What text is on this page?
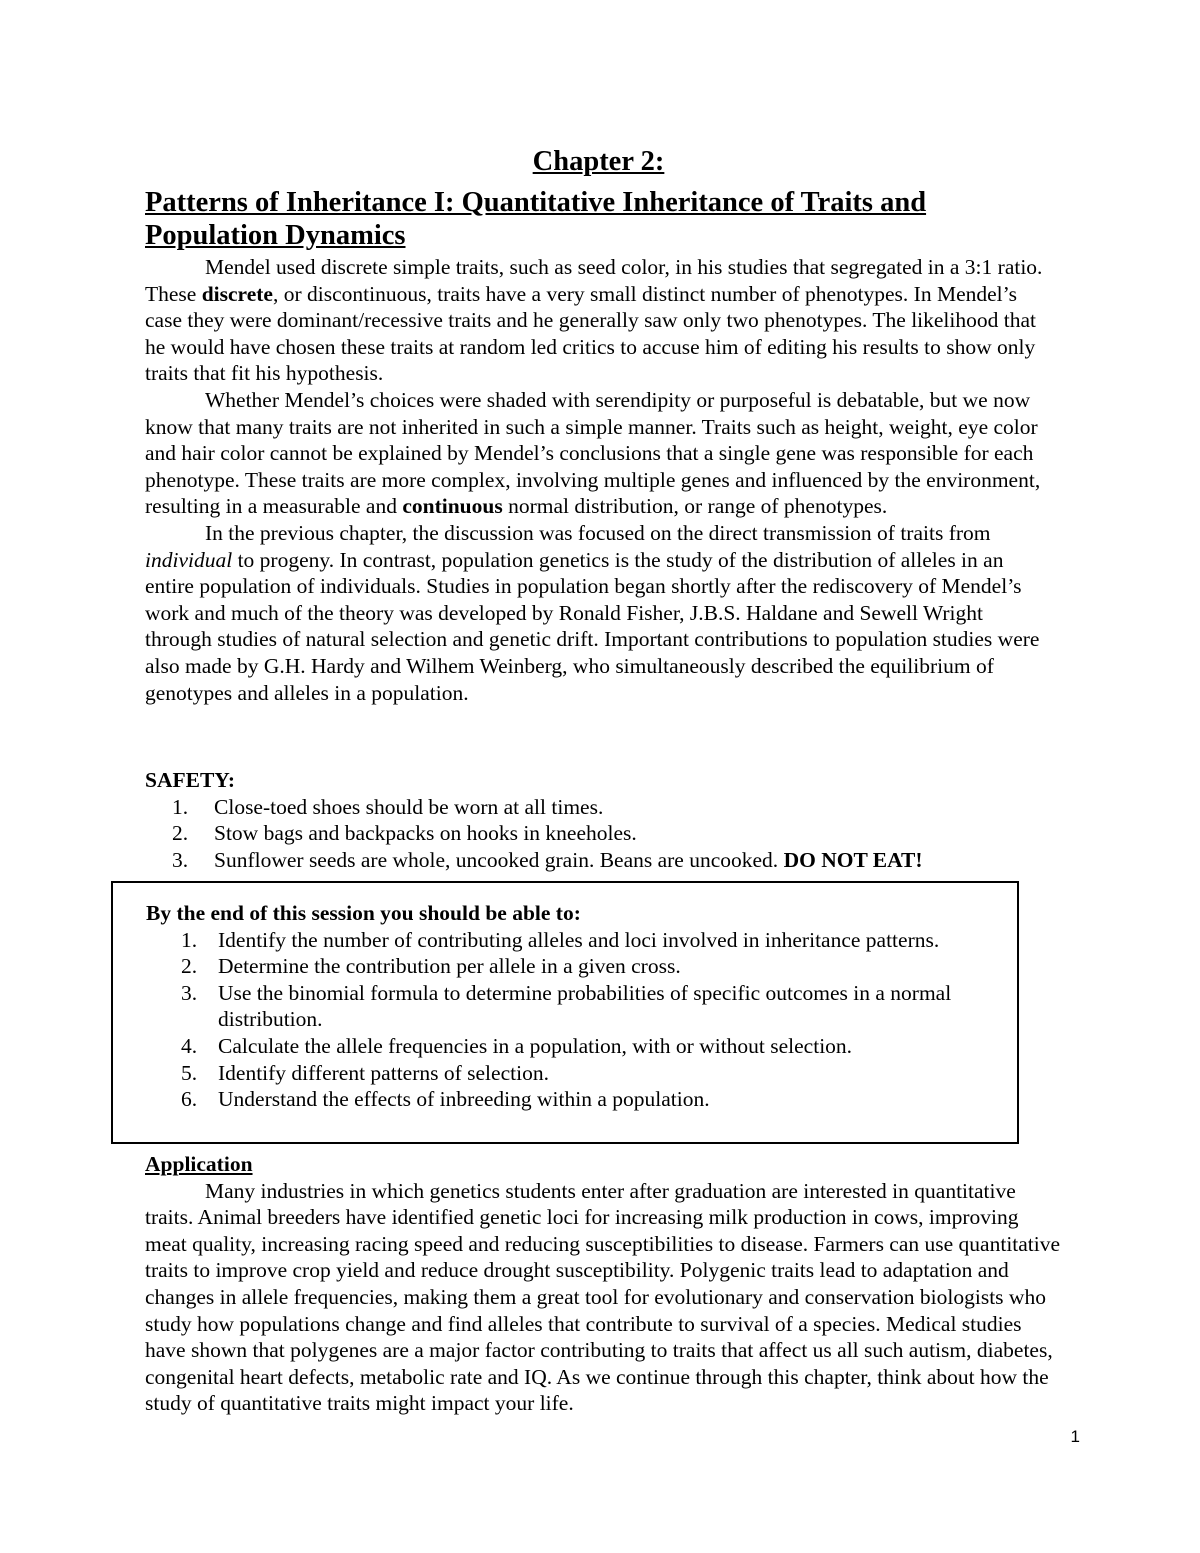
Chapter 2:
Patterns of Inheritance I: Quantitative Inheritance of Traits and Population Dynamics

Mendel used discrete simple traits, such as seed color, in his studies that segregated in a 3:1 ratio. These discrete, or discontinuous, traits have a very small distinct number of phenotypes. In Mendel’s case they were dominant/recessive traits and he generally saw only two phenotypes. The likelihood that he would have chosen these traits at random led critics to accuse him of editing his results to show only traits that fit his hypothesis.

Whether Mendel’s choices were shaded with serendipity or purposeful is debatable, but we now know that many traits are not inherited in such a simple manner. Traits such as height, weight, eye color and hair color cannot be explained by Mendel’s conclusions that a single gene was responsible for each phenotype. These traits are more complex, involving multiple genes and influenced by the environment, resulting in a measurable and continuous normal distribution, or range of phenotypes.

In the previous chapter, the discussion was focused on the direct transmission of traits from individual to progeny. In contrast, population genetics is the study of the distribution of alleles in an entire population of individuals. Studies in population began shortly after the rediscovery of Mendel’s work and much of the theory was developed by Ronald Fisher, J.B.S. Haldane and Sewell Wright through studies of natural selection and genetic drift. Important contributions to population studies were also made by G.H. Hardy and Wilhem Weinberg, who simultaneously described the equilibrium of genotypes and alleles in a population.

SAFETY:
1. Close-toed shoes should be worn at all times.
2. Stow bags and backpacks on hooks in kneeholes.
3. Sunflower seeds are whole, uncooked grain. Beans are uncooked. DO NOT EAT!
Application

Many industries in which genetics students enter after graduation are interested in quantitative traits. Animal breeders have identified genetic loci for increasing milk production in cows, improving meat quality, increasing racing speed and reducing susceptibilities to disease. Farmers can use quantitative traits to improve crop yield and reduce drought susceptibility. Polygenic traits lead to adaptation and changes in allele frequencies, making them a great tool for evolutionary and conservation biologists who study how populations change and find alleles that contribute to survival of a species. Medical studies have shown that polygenes are a major factor contributing to traits that affect us all such autism, diabetes, congenital heart defects, metabolic rate and IQ. As we continue through this chapter, think about how the study of quantitative traits might impact your life.

By the end of this session you should be able to:
1. Identify the number of contributing alleles and loci involved in inheritance patterns.
2. Determine the contribution per allele in a given cross.
3. Use the binomial formula to determine probabilities of specific outcomes in a normal distribution.
4. Calculate the allele frequencies in a population, with or without selection.
5. Identify different patterns of selection.
6. Understand the effects of inbreeding within a population.
1
